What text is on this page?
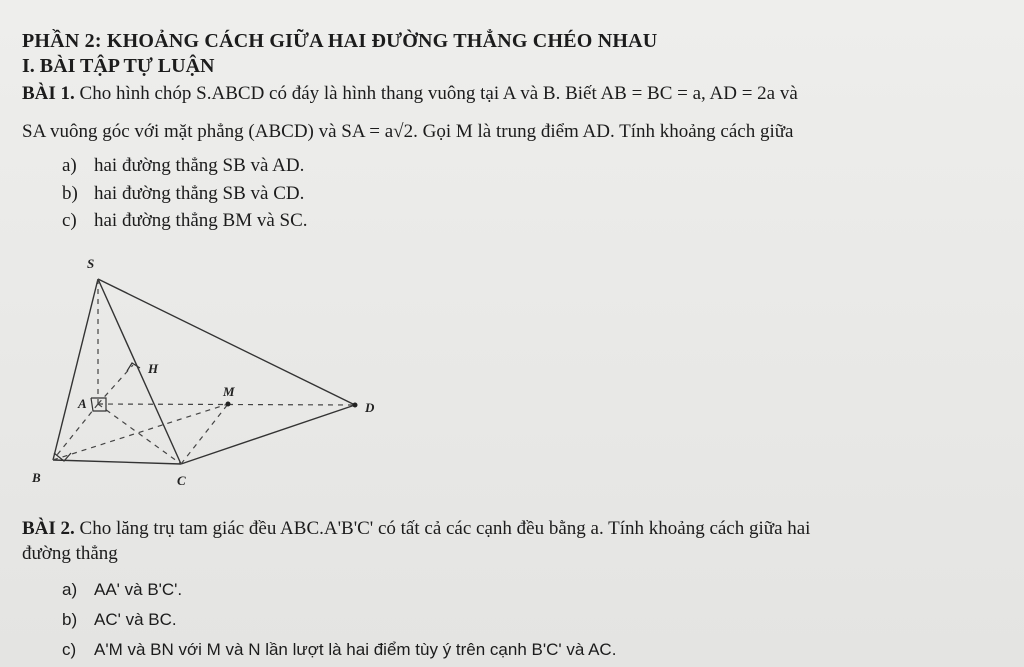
PHẦN 2: KHOẢNG CÁCH GIỮA HAI ĐƯỜNG THẲNG CHÉO NHAU
I. BÀI TẬP TỰ LUẬN
BÀI 1. Cho hình chóp S.ABCD có đáy là hình thang vuông tại A và B. Biết AB = BC = a, AD = 2a và
SA vuông góc với mặt phẳng (ABCD) và SA = a√2. Gọi M là trung điểm AD. Tính khoảng cách giữa
a) hai đường thẳng SB và AD.
b) hai đường thẳng SB và CD.
c) hai đường thẳng BM và SC.
S
A
B	C
D
M
H
BÀI 2. Cho lăng trụ tam giác đều ABC.A'B'C' có tất cả các cạnh đều bằng a. Tính khoảng cách giữa hai
đường thẳng
a) AA' và B'C'.
b) AC' và BC.
c) A'M và BN với M và N lần lượt là hai điểm tùy ý trên cạnh B'C' và AC.
